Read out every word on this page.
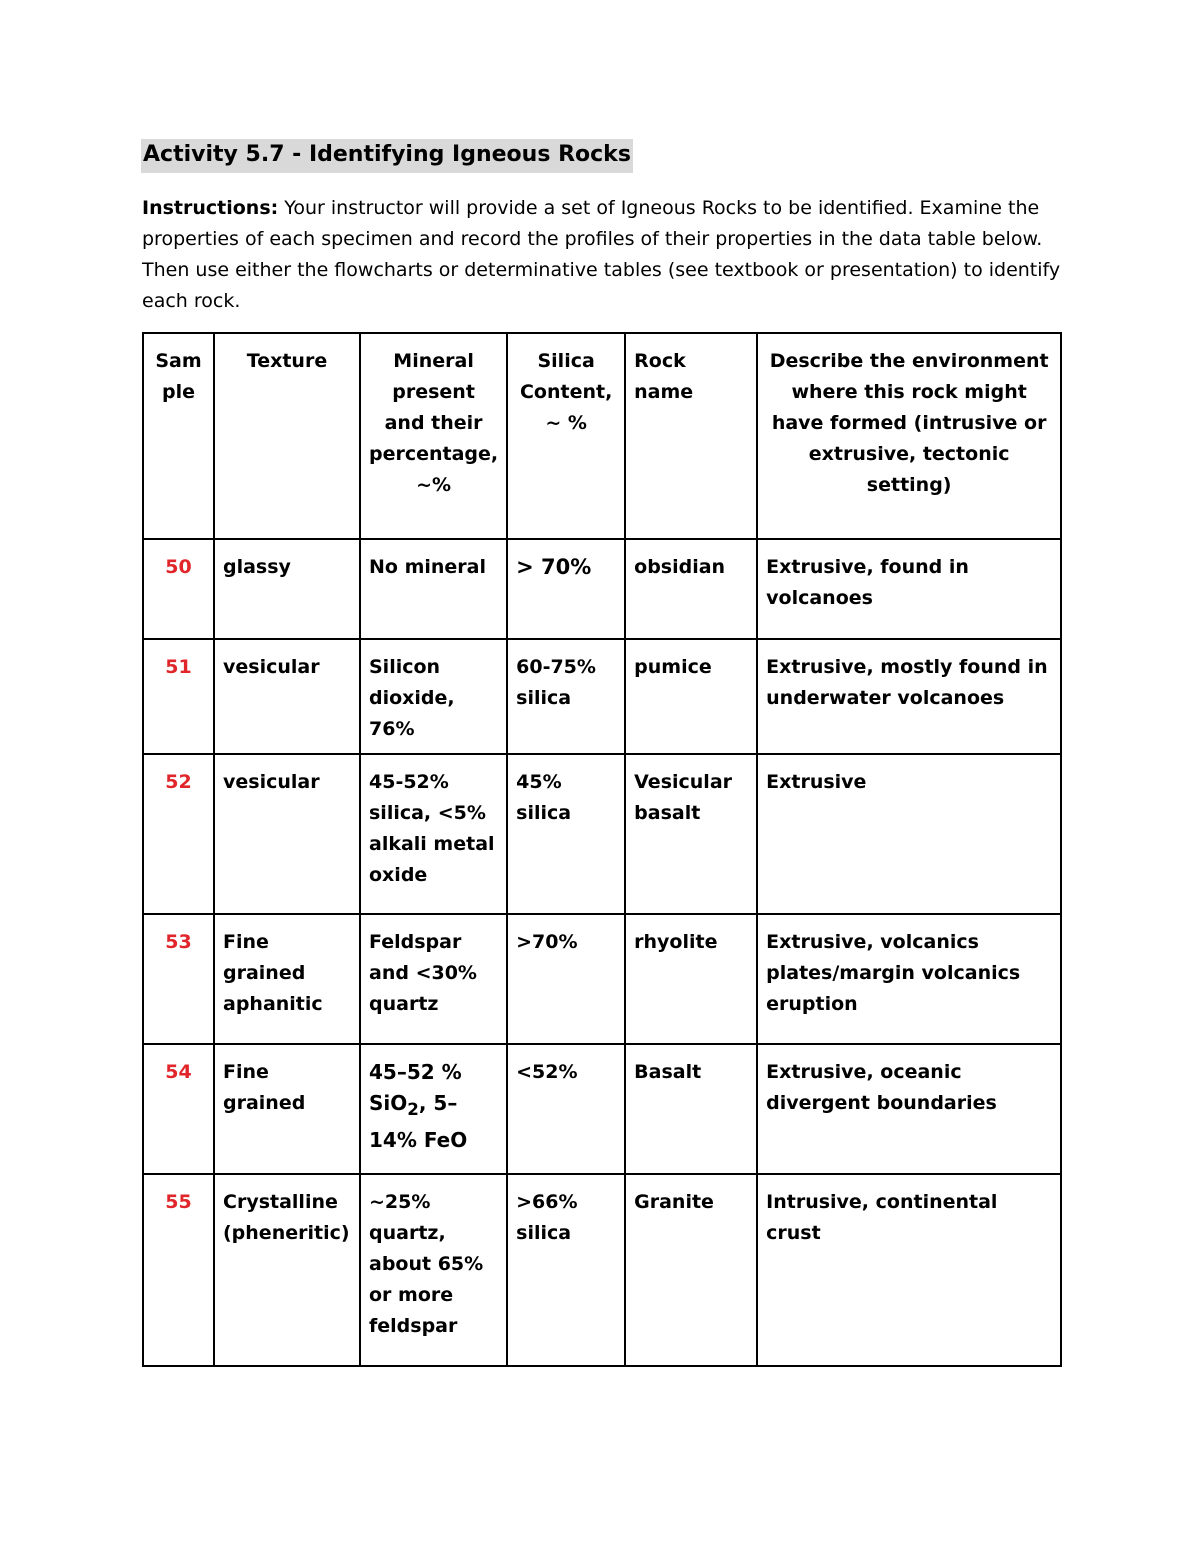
Activity 5.7 - Identifying Igneous Rocks

Instructions: Your instructor will provide a set of Igneous Rocks to be identified. Examine the properties of each specimen and record the profiles of their properties in the data table below. Then use either the flowcharts or determinative tables (see textbook or presentation) to identify each rock.

Sam ple	Texture	Mineral present and their percentage, ~%	Silica Content, ~ %	Rock name	Describe the environment where this rock might have formed (intrusive or extrusive, tectonic setting)
50	glassy	No mineral	> 70%	obsidian	Extrusive, found in volcanoes
51	vesicular	Silicon dioxide, 76%	60-75% silica	pumice	Extrusive, mostly found in underwater volcanoes
52	vesicular	45-52% silica, <5% alkali metal oxide	45% silica	Vesicular basalt	Extrusive
53	Fine grained aphanitic	Feldspar and <30% quartz	>70%	rhyolite	Extrusive, volcanics plates/margin volcanics eruption
54	Fine grained	45–52 % SiO$_2$, 5–14% FeO	<52%	Basalt	Extrusive, oceanic divergent boundaries
55	Crystalline (pheneritic)	~25% quartz, about 65% or more feldspar	>66% silica	Granite	Intrusive, continental crust
